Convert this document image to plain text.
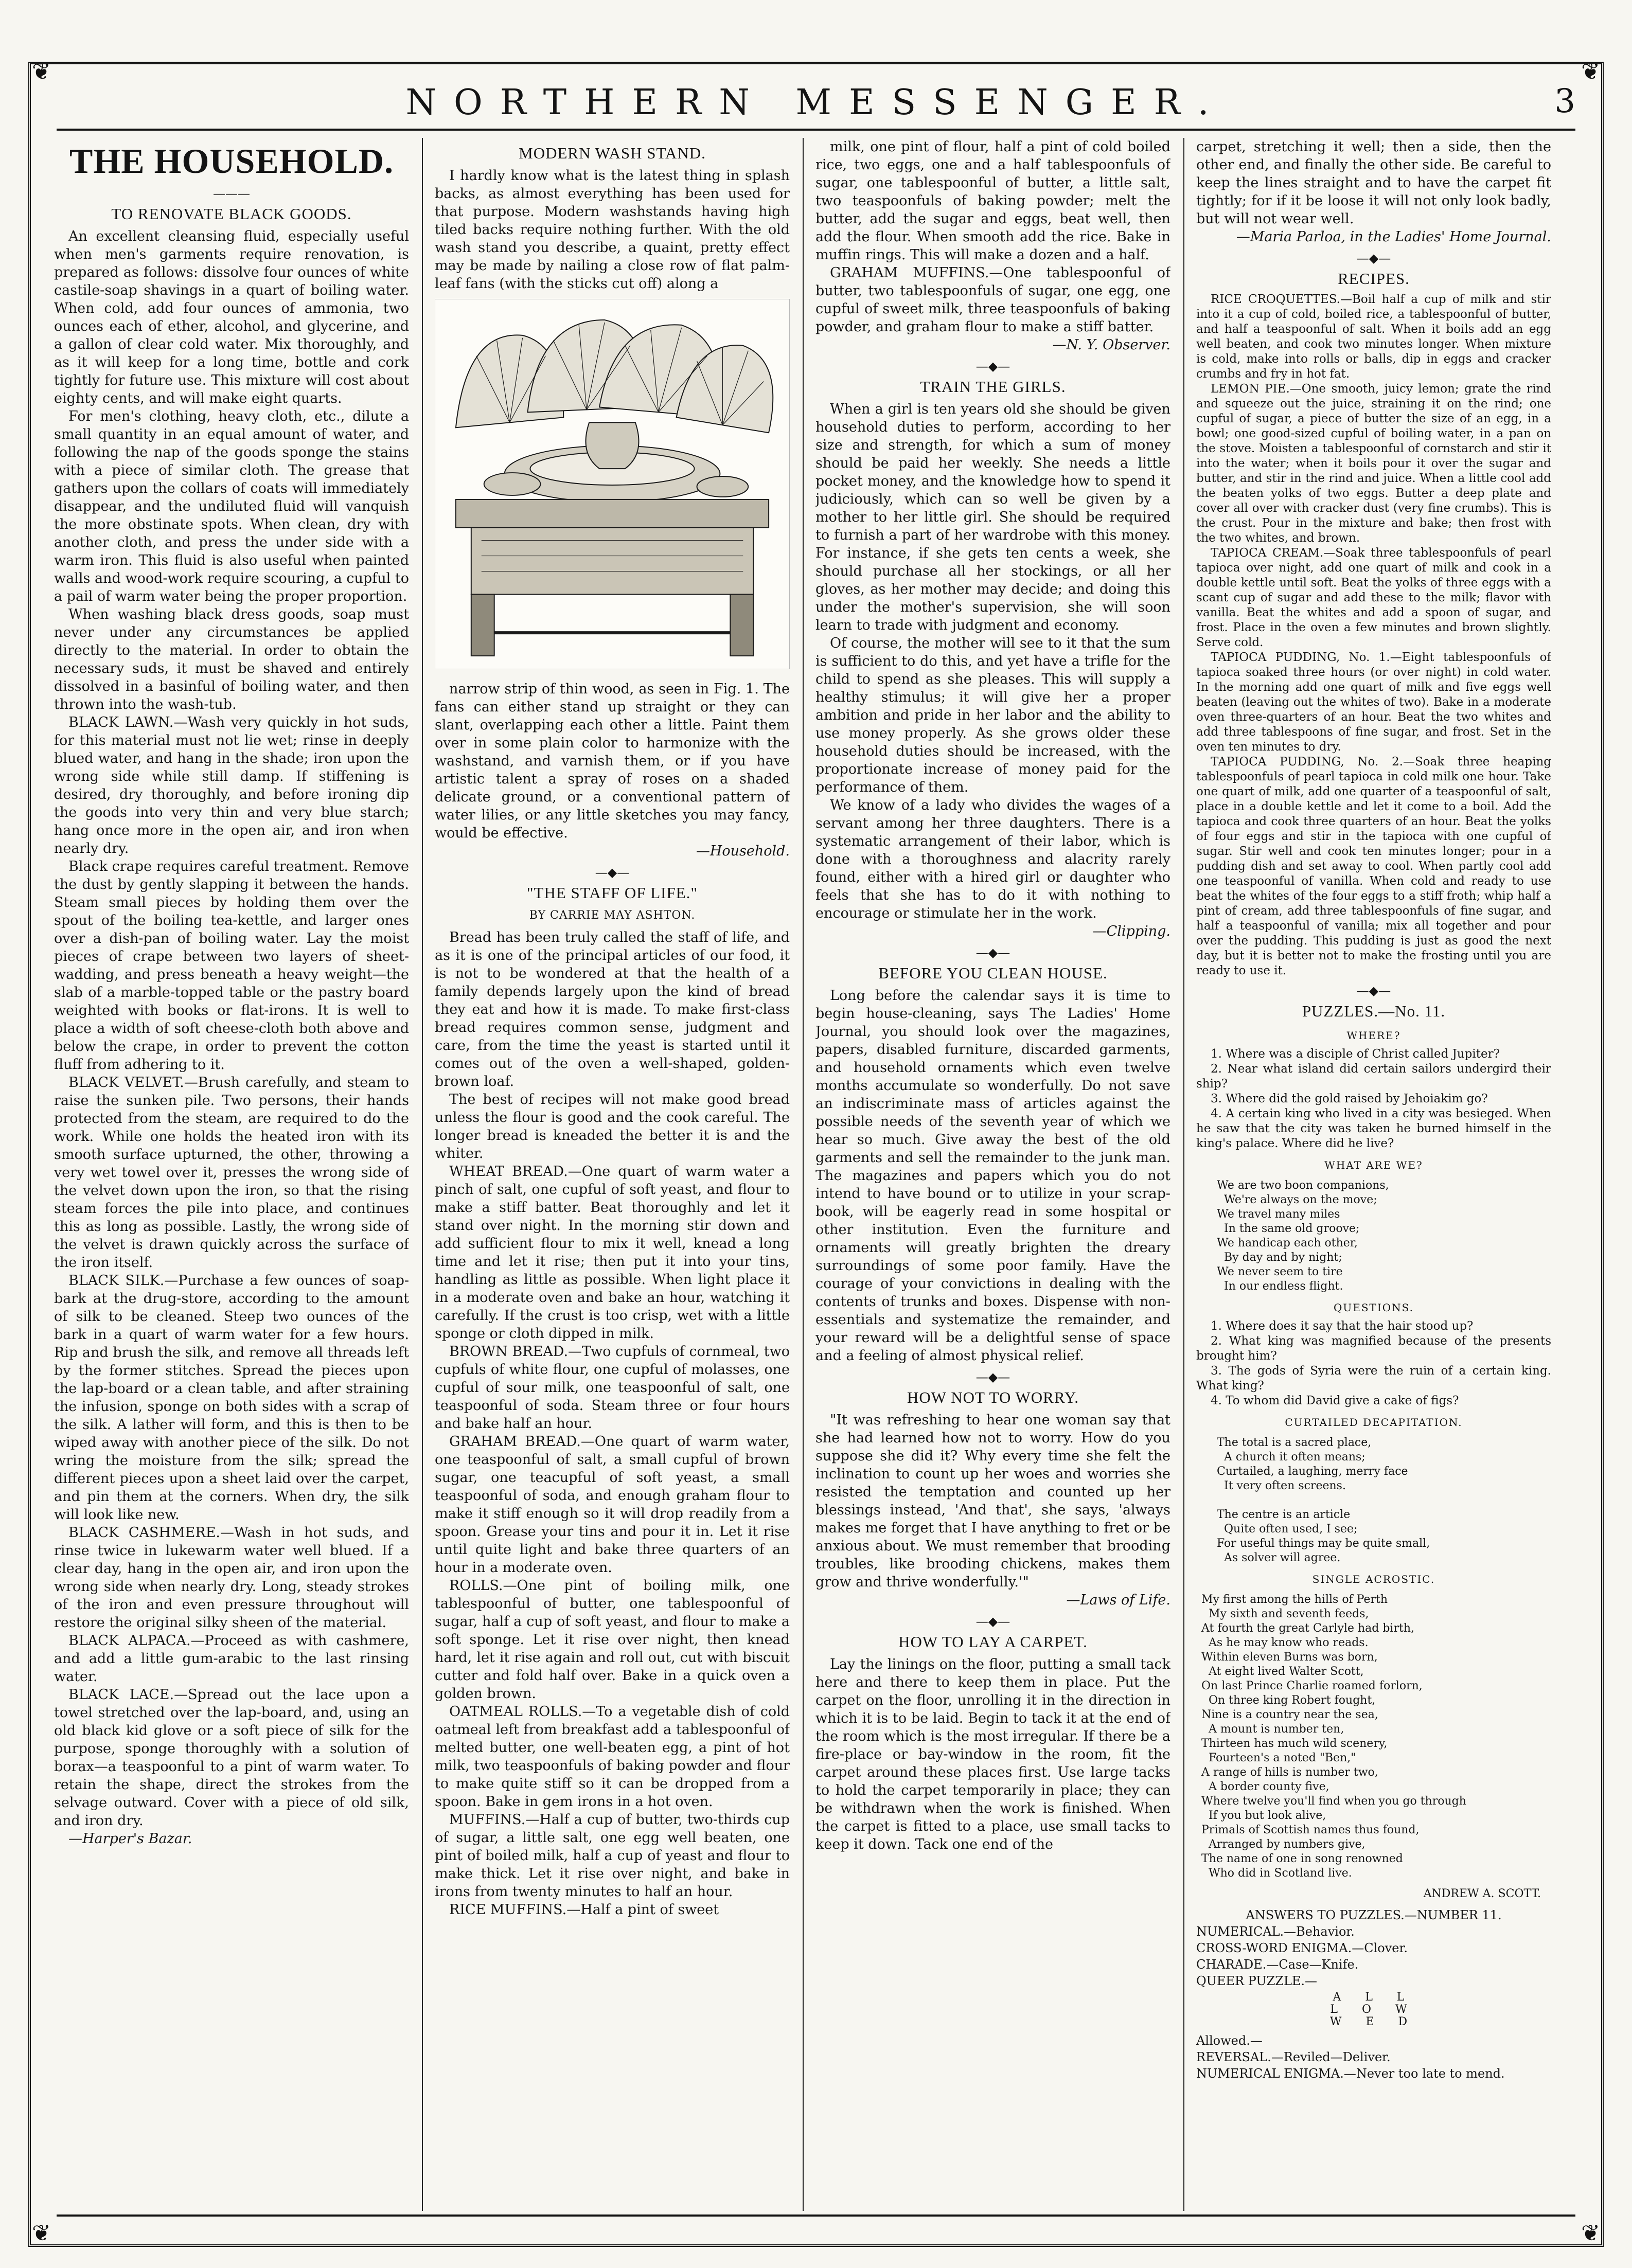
❦	❦
❦	❦
NORTHERN MESSENGER.	3
THE HOUSEHOLD.
———
TO RENOVATE BLACK GOODS.

An excellent cleansing fluid, especially useful when men's garments require renovation, is prepared as follows: dissolve four ounces of white castile-soap shavings in a quart of boiling water. When cold, add four ounces of ammonia, two ounces each of ether, alcohol, and glycerine, and a gallon of clear cold water. Mix thoroughly, and as it will keep for a long time, bottle and cork tightly for future use. This mixture will cost about eighty cents, and will make eight quarts.

For men's clothing, heavy cloth, etc., dilute a small quantity in an equal amount of water, and following the nap of the goods sponge the stains with a piece of similar cloth. The grease that gathers upon the collars of coats will immediately disappear, and the undiluted fluid will vanquish the more obstinate spots. When clean, dry with another cloth, and press the under side with a warm iron. This fluid is also useful when painted walls and wood-work require scouring, a cupful to a pail of warm water being the proper proportion.

When washing black dress goods, soap must never under any circumstances be applied directly to the material. In order to obtain the necessary suds, it must be shaved and entirely dissolved in a basinful of boiling water, and then thrown into the wash-tub.

BLACK LAWN.—Wash very quickly in hot suds, for this material must not lie wet; rinse in deeply blued water, and hang in the shade; iron upon the wrong side while still damp. If stiffening is desired, dry thoroughly, and before ironing dip the goods into very thin and very blue starch; hang once more in the open air, and iron when nearly dry.

Black crape requires careful treatment. Remove the dust by gently slapping it between the hands. Steam small pieces by holding them over the spout of the boiling tea-kettle, and larger ones over a dish-pan of boiling water. Lay the moist pieces of crape between two layers of sheet-wadding, and press beneath a heavy weight—the slab of a marble-topped table or the pastry board weighted with books or flat-irons. It is well to place a width of soft cheese-cloth both above and below the crape, in order to prevent the cotton fluff from adhering to it.

BLACK VELVET.—Brush carefully, and steam to raise the sunken pile. Two persons, their hands protected from the steam, are required to do the work. While one holds the heated iron with its smooth surface upturned, the other, throwing a very wet towel over it, presses the wrong side of the velvet down upon the iron, so that the rising steam forces the pile into place, and continues this as long as possible. Lastly, the wrong side of the velvet is drawn quickly across the surface of the iron itself.

BLACK SILK.—Purchase a few ounces of soap-bark at the drug-store, according to the amount of silk to be cleaned. Steep two ounces of the bark in a quart of warm water for a few hours. Rip and brush the silk, and remove all threads left by the former stitches. Spread the pieces upon the lap-board or a clean table, and after straining the infusion, sponge on both sides with a scrap of the silk. A lather will form, and this is then to be wiped away with another piece of the silk. Do not wring the moisture from the silk; spread the different pieces upon a sheet laid over the carpet, and pin them at the corners. When dry, the silk will look like new.

BLACK CASHMERE.—Wash in hot suds, and rinse twice in lukewarm water well blued. If a clear day, hang in the open air, and iron upon the wrong side when nearly dry. Long, steady strokes of the iron and even pressure throughout will restore the original silky sheen of the material.

BLACK ALPACA.—Proceed as with cashmere, and add a little gum-arabic to the last rinsing water.

BLACK LACE.—Spread out the lace upon a towel stretched over the lap-board, and, using an old black kid glove or a soft piece of silk for the purpose, sponge thoroughly with a solution of borax—a teaspoonful to a pint of warm water. To retain the shape, direct the strokes from the selvage outward. Cover with a piece of old silk, and iron dry.

—Harper's Bazar.

MODERN WASH STAND.

I hardly know what is the latest thing in splash backs, as almost everything has been used for that purpose. Modern washstands having high tiled backs require nothing further. With the old wash stand you describe, a quaint, pretty effect may be made by nailing a close row of flat palm-leaf fans (with the sticks cut off) along a

narrow strip of thin wood, as seen in Fig. 1. The fans can either stand up straight or they can slant, overlapping each other a little. Paint them over in some plain color to harmonize with the washstand, and varnish them, or if you have artistic talent a spray of roses on a shaded delicate ground, or a conventional pattern of water lilies, or any little sketches you may fancy, would be effective.

—Household.

—◆—
"THE STAFF OF LIFE."
BY CARRIE MAY ASHTON.

Bread has been truly called the staff of life, and as it is one of the principal articles of our food, it is not to be wondered at that the health of a family depends largely upon the kind of bread they eat and how it is made. To make first-class bread requires common sense, judgment and care, from the time the yeast is started until it comes out of the oven a well-shaped, golden-brown loaf.

The best of recipes will not make good bread unless the flour is good and the cook careful. The longer bread is kneaded the better it is and the whiter.

WHEAT BREAD.—One quart of warm water a pinch of salt, one cupful of soft yeast, and flour to make a stiff batter. Beat thoroughly and let it stand over night. In the morning stir down and add sufficient flour to mix it well, knead a long time and let it rise; then put it into your tins, handling as little as possible. When light place it in a moderate oven and bake an hour, watching it carefully. If the crust is too crisp, wet with a little sponge or cloth dipped in milk.

BROWN BREAD.—Two cupfuls of cornmeal, two cupfuls of white flour, one cupful of molasses, one cupful of sour milk, one teaspoonful of salt, one teaspoonful of soda. Steam three or four hours and bake half an hour.

GRAHAM BREAD.—One quart of warm water, one teaspoonful of salt, a small cupful of brown sugar, one teacupful of soft yeast, a small teaspoonful of soda, and enough graham flour to make it stiff enough so it will drop readily from a spoon. Grease your tins and pour it in. Let it rise until quite light and bake three quarters of an hour in a moderate oven.

ROLLS.—One pint of boiling milk, one tablespoonful of butter, one tablespoonful of sugar, half a cup of soft yeast, and flour to make a soft sponge. Let it rise over night, then knead hard, let it rise again and roll out, cut with biscuit cutter and fold half over. Bake in a quick oven a golden brown.

OATMEAL ROLLS.—To a vegetable dish of cold oatmeal left from breakfast add a tablespoonful of melted butter, one well-beaten egg, a pint of hot milk, two teaspoonfuls of baking powder and flour to make quite stiff so it can be dropped from a spoon. Bake in gem irons in a hot oven.

MUFFINS.—Half a cup of butter, two-thirds cup of sugar, a little salt, one egg well beaten, one pint of boiled milk, half a cup of yeast and flour to make thick. Let it rise over night, and bake in irons from twenty minutes to half an hour.

RICE MUFFINS.—Half a pint of sweet

milk, one pint of flour, half a pint of cold boiled rice, two eggs, one and a half tablespoonfuls of sugar, one tablespoonful of butter, a little salt, two teaspoonfuls of baking powder; melt the butter, add the sugar and eggs, beat well, then add the flour. When smooth add the rice. Bake in muffin rings. This will make a dozen and a half.

GRAHAM MUFFINS.—One tablespoonful of butter, two tablespoonfuls of sugar, one egg, one cupful of sweet milk, three teaspoonfuls of baking powder, and graham flour to make a stiff batter.

—N. Y. Observer.

—◆—
TRAIN THE GIRLS.

When a girl is ten years old she should be given household duties to perform, according to her size and strength, for which a sum of money should be paid her weekly. She needs a little pocket money, and the knowledge how to spend it judiciously, which can so well be given by a mother to her little girl. She should be required to furnish a part of her wardrobe with this money. For instance, if she gets ten cents a week, she should purchase all her stockings, or all her gloves, as her mother may decide; and doing this under the mother's supervision, she will soon learn to trade with judgment and economy.

Of course, the mother will see to it that the sum is sufficient to do this, and yet have a trifle for the child to spend as she pleases. This will supply a healthy stimulus; it will give her a proper ambition and pride in her labor and the ability to use money properly. As she grows older these household duties should be increased, with the proportionate increase of money paid for the performance of them.

We know of a lady who divides the wages of a servant among her three daughters. There is a systematic arrangement of their labor, which is done with a thoroughness and alacrity rarely found, either with a hired girl or daughter who feels that she has to do it with nothing to encourage or stimulate her in the work.

—Clipping.

—◆—
BEFORE YOU CLEAN HOUSE.

Long before the calendar says it is time to begin house-cleaning, says The Ladies' Home Journal, you should look over the magazines, papers, disabled furniture, discarded garments, and household ornaments which even twelve months accumulate so wonderfully. Do not save an indiscriminate mass of articles against the possible needs of the seventh year of which we hear so much. Give away the best of the old garments and sell the remainder to the junk man. The magazines and papers which you do not intend to have bound or to utilize in your scrap-book, will be eagerly read in some hospital or other institution. Even the furniture and ornaments will greatly brighten the dreary surroundings of some poor family. Have the courage of your convictions in dealing with the contents of trunks and boxes. Dispense with non-essentials and systematize the remainder, and your reward will be a delightful sense of space and a feeling of almost physical relief.

—◆—
HOW NOT TO WORRY.

"It was refreshing to hear one woman say that she had learned how not to worry. How do you suppose she did it? Why every time she felt the inclination to count up her woes and worries she resisted the temptation and counted up her blessings instead, 'And that', she says, 'always makes me forget that I have anything to fret or be anxious about. We must remember that brooding troubles, like brooding chickens, makes them grow and thrive wonderfully.'"

—Laws of Life.

—◆—
HOW TO LAY A CARPET.

Lay the linings on the floor, putting a small tack here and there to keep them in place. Put the carpet on the floor, unrolling it in the direction in which it is to be laid. Begin to tack it at the end of the room which is the most irregular. If there be a fire-place or bay-window in the room, fit the carpet around these places first. Use large tacks to hold the carpet temporarily in place; they can be withdrawn when the work is finished. When the carpet is fitted to a place, use small tacks to keep it down. Tack one end of the

carpet, stretching it well; then a side, then the other end, and finally the other side. Be careful to keep the lines straight and to have the carpet fit tightly; for if it be loose it will not only look badly, but will not wear well.

—Maria Parloa, in the Ladies' Home Journal.

—◆—
RECIPES.

RICE CROQUETTES.—Boil half a cup of milk and stir into it a cup of cold, boiled rice, a tablespoonful of butter, and half a teaspoonful of salt. When it boils add an egg well beaten, and cook two minutes longer. When mixture is cold, make into rolls or balls, dip in eggs and cracker crumbs and fry in hot fat.

LEMON PIE.—One smooth, juicy lemon; grate the rind and squeeze out the juice, straining it on the rind; one cupful of sugar, a piece of butter the size of an egg, in a bowl; one good-sized cupful of boiling water, in a pan on the stove. Moisten a tablespoonful of cornstarch and stir it into the water; when it boils pour it over the sugar and butter, and stir in the rind and juice. When a little cool add the beaten yolks of two eggs. Butter a deep plate and cover all over with cracker dust (very fine crumbs). This is the crust. Pour in the mixture and bake; then frost with the two whites, and brown.

TAPIOCA CREAM.—Soak three tablespoonfuls of pearl tapioca over night, add one quart of milk and cook in a double kettle until soft. Beat the yolks of three eggs with a scant cup of sugar and add these to the milk; flavor with vanilla. Beat the whites and add a spoon of sugar, and frost. Place in the oven a few minutes and brown slightly. Serve cold.

TAPIOCA PUDDING, No. 1.—Eight tablespoonfuls of tapioca soaked three hours (or over night) in cold water. In the morning add one quart of milk and five eggs well beaten (leaving out the whites of two). Bake in a moderate oven three-quarters of an hour. Beat the two whites and add three tablespoons of fine sugar, and frost. Set in the oven ten minutes to dry.

TAPIOCA PUDDING, No. 2.—Soak three heaping tablespoonfuls of pearl tapioca in cold milk one hour. Take one quart of milk, add one quarter of a teaspoonful of salt, place in a double kettle and let it come to a boil. Add the tapioca and cook three quarters of an hour. Beat the yolks of four eggs and stir in the tapioca with one cupful of sugar. Stir well and cook ten minutes longer; pour in a pudding dish and set away to cool. When partly cool add one teaspoonful of vanilla. When cold and ready to use beat the whites of the four eggs to a stiff froth; whip half a pint of cream, add three tablespoonfuls of fine sugar, and half a teaspoonful of vanilla; mix all together and pour over the pudding. This pudding is just as good the next day, but it is better not to make the frosting until you are ready to use it.

—◆—
PUZZLES.—No. 11.
WHERE?

1. Where was a disciple of Christ called Jupiter?

2. Near what island did certain sailors undergird their ship?

3. Where did the gold raised by Jehoiakim go?

4. A certain king who lived in a city was besieged. When he saw that the city was taken he burned himself in the king's palace. Where did he live?

WHAT ARE WE?
We are two boon companions,
We're always on the move;
We travel many miles
In the same old groove;
We handicap each other,
By day and by night;
We never seem to tire
In our endless flight.
QUESTIONS.

1. Where does it say that the hair stood up?

2. What king was magnified because of the presents brought him?

3. The gods of Syria were the ruin of a certain king. What king?

4. To whom did David give a cake of figs?

CURTAILED DECAPITATION.
The total is a sacred place,
A church it often means;
Curtailed, a laughing, merry face
It very often screens.

The centre is an article
Quite often used, I see;
For useful things may be quite small,
As solver will agree.
SINGLE ACROSTIC.
My first among the hills of Perth
My sixth and seventh feeds,
At fourth the great Carlyle had birth,
As he may know who reads.
Within eleven Burns was born,
At eight lived Walter Scott,
On last Prince Charlie roamed forlorn,
On three king Robert fought,
Nine is a country near the sea,
A mount is number ten,
Thirteen has much wild scenery,
Fourteen's a noted "Ben,"
A range of hills is number two,
A border county five,
Where twelve you'll find when you go through
If you but look alive,
Primals of Scottish names thus found,
Arranged by numbers give,
The name of one in song renowned
Who did in Scotland live.
ANDREW A. SCOTT.
ANSWERS TO PUZZLES.—NUMBER 11.
NUMERICAL.—Behavior.
CROSS-WORD ENIGMA.—Clover.
CHARADE.—Case—Knife.
QUEER PUZZLE.—
A L L
L O W
W E D
Allowed.—
REVERSAL.—Reviled—Deliver.
NUMERICAL ENIGMA.—Never too late to mend.
